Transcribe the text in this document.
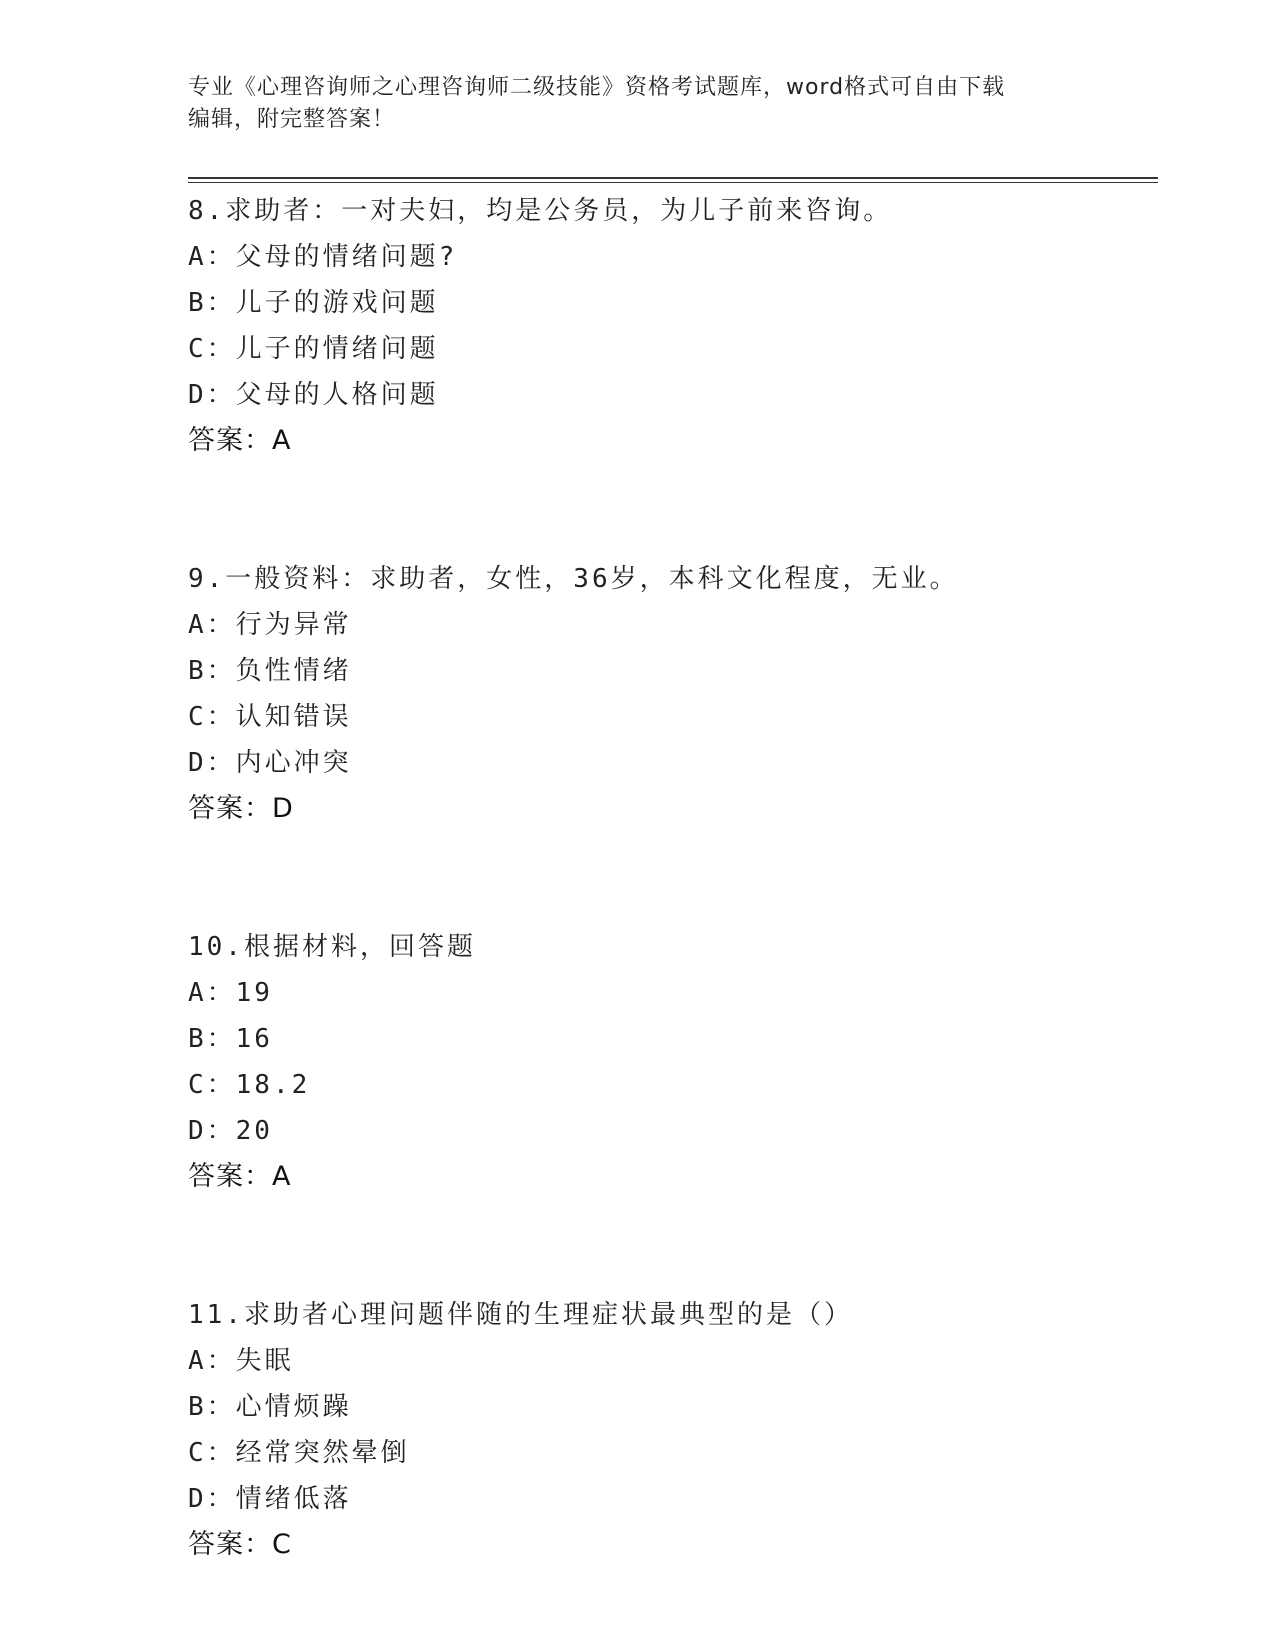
专业《心理咨询师之心理咨询师二级技能》资格考试题库，word格式可自由下载
编辑，附完整答案！
8.求助者：一对夫妇，均是公务员，为儿子前来咨询。
A：父母的情绪问题?
B：儿子的游戏问题
C：儿子的情绪问题
D：父母的人格问题
答案：A
9.一般资料：求助者，女性，36岁，本科文化程度，无业。
A：行为异常
B：负性情绪
C：认知错误
D：内心冲突
答案：D
10.根据材料，回答题
A：19
B：16
C：18.2
D：20
答案：A
11.求助者心理问题伴随的生理症状最典型的是（）
A：失眠
B：心情烦躁
C：经常突然晕倒
D：情绪低落
答案：C
